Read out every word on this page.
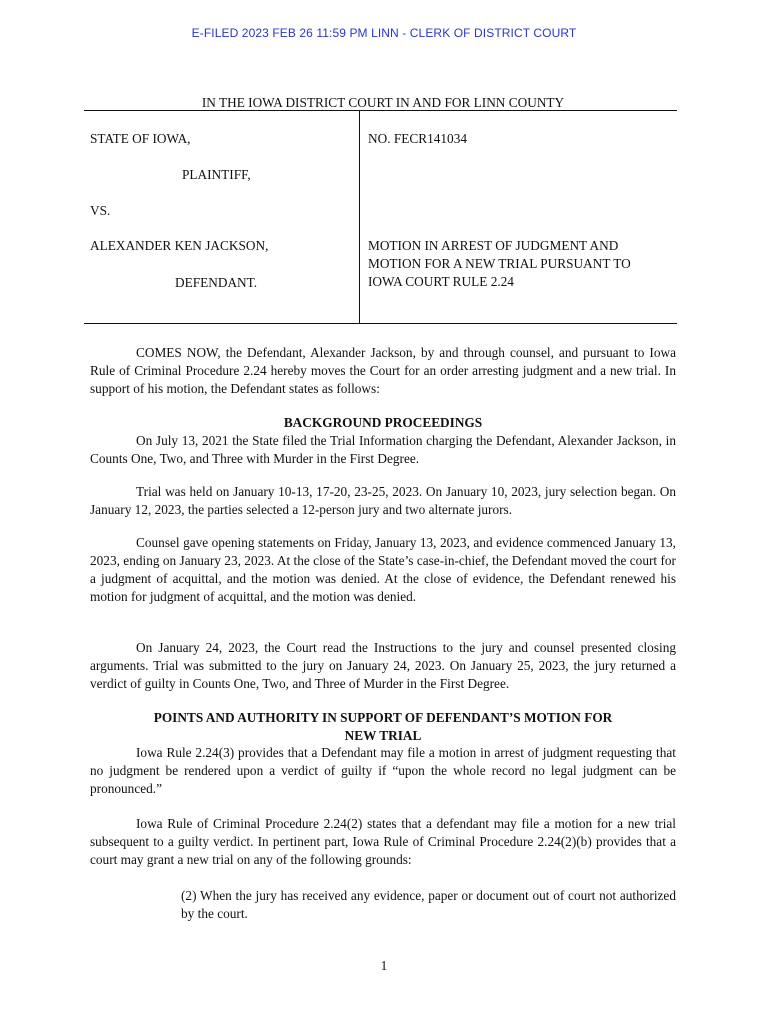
E-FILED 2023 FEB 26 11:59 PM LINN - CLERK OF DISTRICT COURT
IN THE IOWA DISTRICT COURT IN AND FOR LINN COUNTY
STATE OF IOWA,
PLAINTIFF,
VS.
ALEXANDER KEN JACKSON,
DEFENDANT.
NO. FECR141034
MOTION IN ARREST OF JUDGMENT AND
MOTION FOR A NEW TRIAL PURSUANT TO
IOWA COURT RULE 2.24

COMES NOW, the Defendant, Alexander Jackson, by and through counsel, and pursuant to Iowa Rule of Criminal Procedure 2.24 hereby moves the Court for an order arresting judgment and a new trial. In support of his motion, the Defendant states as follows:

BACKGROUND PROCEEDINGS

On July 13, 2021 the State filed the Trial Information charging the Defendant, Alexander Jackson, in Counts One, Two, and Three with Murder in the First Degree.

Trial was held on January 10-13, 17-20, 23-25, 2023. On January 10, 2023, jury selection began. On January 12, 2023, the parties selected a 12-person jury and two alternate jurors.

Counsel gave opening statements on Friday, January 13, 2023, and evidence commenced January 13, 2023, ending on January 23, 2023. At the close of the State’s case-in-chief, the Defendant moved the court for a judgment of acquittal, and the motion was denied. At the close of evidence, the Defendant renewed his motion for judgment of acquittal, and the motion was denied.

On January 24, 2023, the Court read the Instructions to the jury and counsel presented closing arguments. Trial was submitted to the jury on January 24, 2023. On January 25, 2023, the jury returned a verdict of guilty in Counts One, Two, and Three of Murder in the First Degree.

POINTS AND AUTHORITY IN SUPPORT OF DEFENDANT’S MOTION FOR
NEW TRIAL

Iowa Rule 2.24(3) provides that a Defendant may file a motion in arrest of judgment requesting that no judgment be rendered upon a verdict of guilty if “upon the whole record no legal judgment can be pronounced.”

Iowa Rule of Criminal Procedure 2.24(2) states that a defendant may file a motion for a new trial subsequent to a guilty verdict. In pertinent part, Iowa Rule of Criminal Procedure 2.24(2)(b) provides that a court may grant a new trial on any of the following grounds:

(2) When the jury has received any evidence, paper or document out of court not authorized by the court.

1
